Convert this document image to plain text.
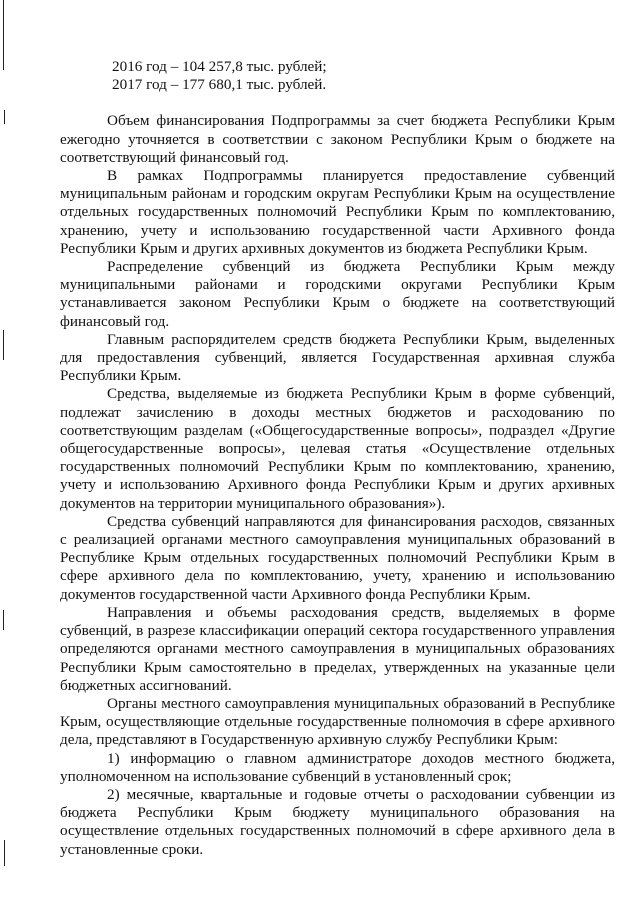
2016 год – 104 257,8 тыс. рублей;

2017 год – 177 680,1 тыс. рублей.

Объем финансирования Подпрограммы за счет бюджета Республики Крым ежегодно уточняется в соответствии с законом Республики Крым о бюджете на соответствующий финансовый год.

В рамках Подпрограммы планируется предоставление субвенций муниципальным районам и городским округам Республики Крым на осуществление отдельных государственных полномочий Республики Крым по комплектованию, хранению, учету и использованию государственной части Архивного фонда Республики Крым и других архивных документов из бюджета Республики Крым.

Распределение субвенций из бюджета Республики Крым между муниципальными районами и городскими округами Республики Крым устанавливается законом Республики Крым о бюджете на соответствующий финансовый год.

Главным распорядителем средств бюджета Республики Крым, выделенных для предоставления субвенций, является Государственная архивная служба Республики Крым.

Средства, выделяемые из бюджета Республики Крым в форме субвенций, подлежат зачислению в доходы местных бюджетов и расходованию по соответствующим разделам («Общегосударственные вопросы», подраздел «Другие общегосударственные вопросы», целевая статья «Осуществление отдельных государственных полномочий Республики Крым по комплектованию, хранению, учету и использованию Архивного фонда Республики Крым и других архивных документов на территории муниципального образования»).

Средства субвенций направляются для финансирования расходов, связанных с реализацией органами местного самоуправления муниципальных образований в Республике Крым отдельных государственных полномочий Республики Крым в сфере архивного дела по комплектованию, учету, хранению и использованию документов государственной части Архивного фонда Республики Крым.

Направления и объемы расходования средств, выделяемых в форме субвенций, в разрезе классификации операций сектора государственного управления определяются органами местного самоуправления в муниципальных образованиях Республики Крым самостоятельно в пределах, утвержденных на указанные цели бюджетных ассигнований.

Органы местного самоуправления муниципальных образований в Республике Крым, осуществляющие отдельные государственные полномочия в сфере архивного дела, представляют в Государственную архивную службу Республики Крым:

1) информацию о главном администраторе доходов местного бюджета, уполномоченном на использование субвенций в установленный срок;

2) месячные, квартальные и годовые отчеты о расходовании субвенции из бюджета Республики Крым бюджету муниципального образования на осуществление отдельных государственных полномочий в сфере архивного дела в установленные сроки.
